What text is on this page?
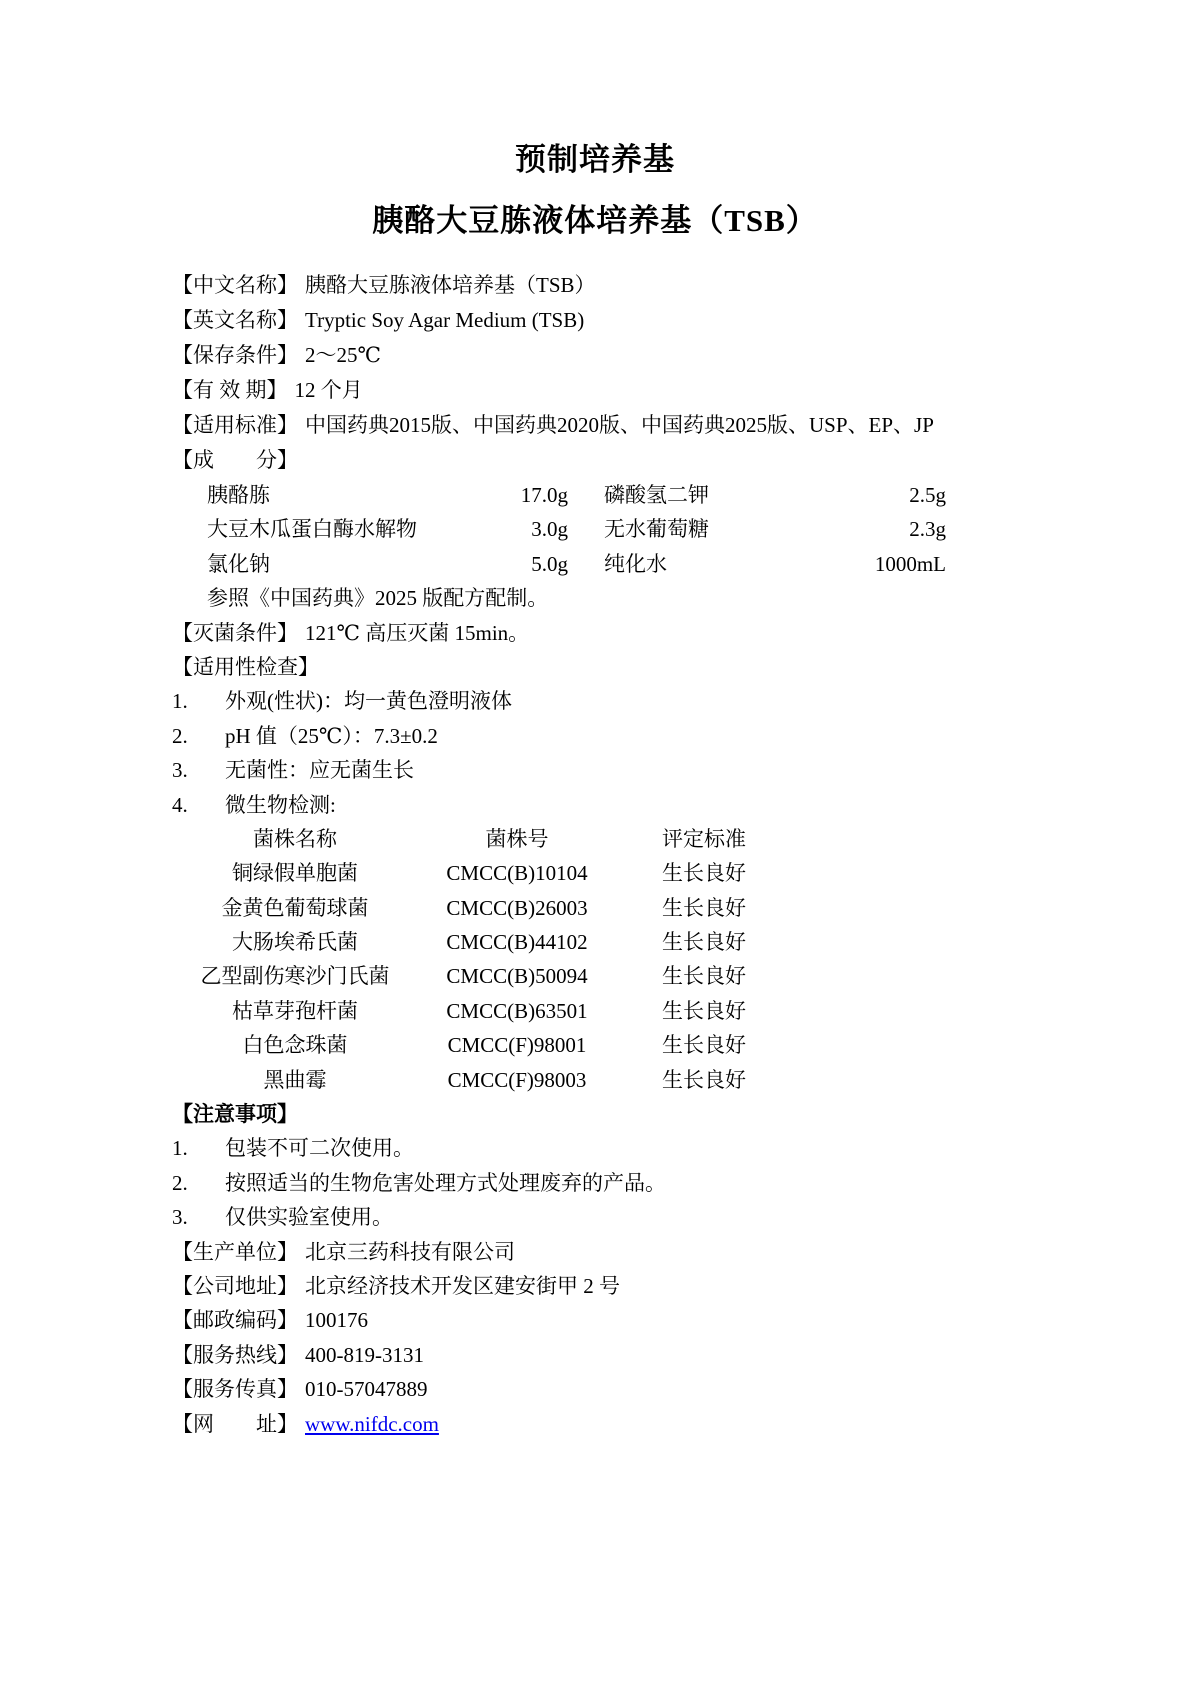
预制培养基
胰酪大豆胨液体培养基（TSB）
【中文名称】 胰酪大豆胨液体培养基（TSB）
【英文名称】 Tryptic Soy Agar Medium (TSB)
【保存条件】 2～25℃
【有 效 期】 12 个月
【适用标准】 中国药典2015版、中国药典2020版、中国药典2025版、USP、EP、JP
【成　　分】
胰酪胨	17.0g 磷酸氢二钾	2.5g
大豆木瓜蛋白酶水解物	3.0g 无水葡萄糖	2.3g
氯化钠	5.0g 纯化水	1000mL
参照《中国药典》2025 版配方配制。
【灭菌条件】 121℃ 高压灭菌 15min。
【适用性检查】
1. 外观(性状)：均一黄色澄明液体
2. pH 值（25℃）：7.3±0.2
3. 无菌性：应无菌生长
4. 微生物检测:
菌株名称	菌株号	评定标准
铜绿假单胞菌	CMCC(B)10104	生长良好
金黄色葡萄球菌	CMCC(B)26003	生长良好
大肠埃希氏菌	CMCC(B)44102	生长良好
乙型副伤寒沙门氏菌	CMCC(B)50094	生长良好
枯草芽孢杆菌	CMCC(B)63501	生长良好
白色念珠菌	CMCC(F)98001	生长良好
黑曲霉	CMCC(F)98003	生长良好
【注意事项】
1. 包装不可二次使用。
2. 按照适当的生物危害处理方式处理废弃的产品。
3. 仅供实验室使用。
【生产单位】 北京三药科技有限公司
【公司地址】 北京经济技术开发区建安街甲 2 号
【邮政编码】 100176
【服务热线】 400-819-3131
【服务传真】 010-57047889
【网　　址】 www.nifdc.com
